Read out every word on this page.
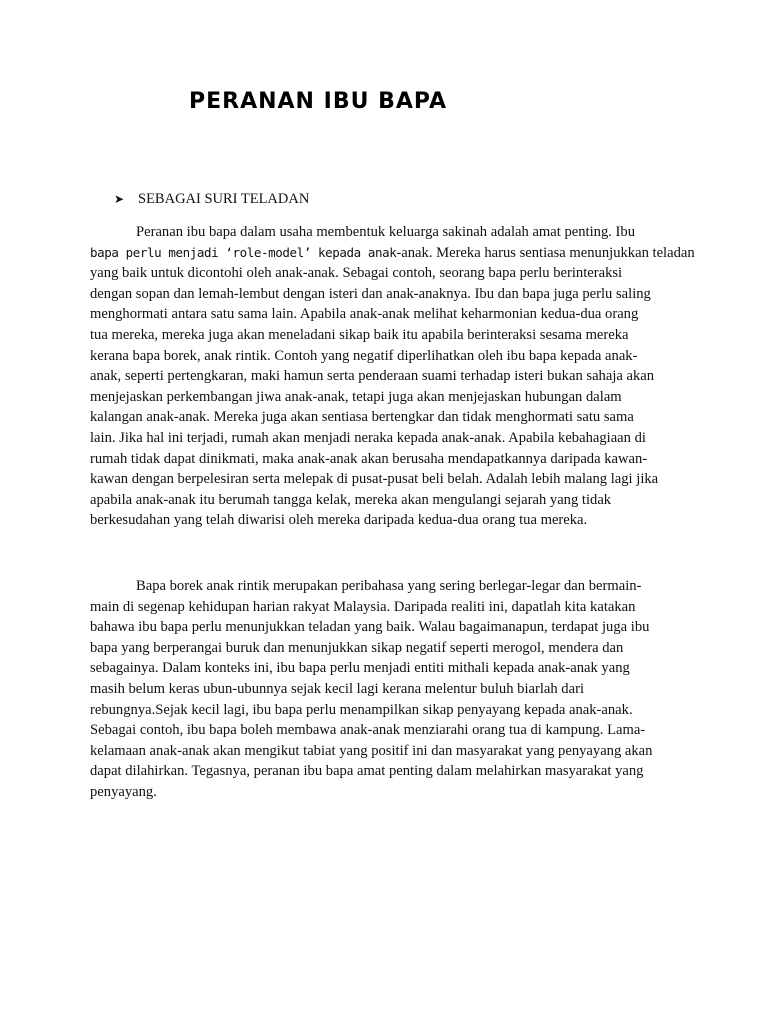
PERANAN IBU BAPA
➤ SEBAGAI SURI TELADAN
Peranan ibu bapa dalam usaha membentuk keluarga sakinah adalah amat penting. Ibu
bapa perlu menjadi ‘role-model’ kepada anak-anak. Mereka harus sentiasa menunjukkan teladan
yang baik untuk dicontohi oleh anak-anak. Sebagai contoh, seorang bapa perlu berinteraksi
dengan sopan dan lemah-lembut dengan isteri dan anak-anaknya. Ibu dan bapa juga perlu saling
menghormati antara satu sama lain. Apabila anak-anak melihat keharmonian kedua-dua orang
tua mereka, mereka juga akan meneladani sikap baik itu apabila berinteraksi sesama mereka
kerana bapa borek, anak rintik. Contoh yang negatif diperlihatkan oleh ibu bapa kepada anak-
anak, seperti pertengkaran, maki hamun serta penderaan suami terhadap isteri bukan sahaja akan
menjejaskan perkembangan jiwa anak-anak, tetapi juga akan menjejaskan hubungan dalam
kalangan anak-anak. Mereka juga akan sentiasa bertengkar dan tidak menghormati satu sama
lain. Jika hal ini terjadi, rumah akan menjadi neraka kepada anak-anak. Apabila kebahagiaan di
rumah tidak dapat dinikmati, maka anak-anak akan berusaha mendapatkannya daripada kawan-
kawan dengan berpelesiran serta melepak di pusat-pusat beli belah. Adalah lebih malang lagi jika
apabila anak-anak itu berumah tangga kelak, mereka akan mengulangi sejarah yang tidak
berkesudahan yang telah diwarisi oleh mereka daripada kedua-dua orang tua mereka.
Bapa borek anak rintik merupakan peribahasa yang sering berlegar-legar dan bermain-
main di segenap kehidupan harian rakyat Malaysia. Daripada realiti ini, dapatlah kita katakan
bahawa ibu bapa perlu menunjukkan teladan yang baik. Walau bagaimanapun, terdapat juga ibu
bapa yang berperangai buruk dan menunjukkan sikap negatif seperti merogol, mendera dan
sebagainya. Dalam konteks ini, ibu bapa perlu menjadi entiti mithali kepada anak-anak yang
masih belum keras ubun-ubunnya sejak kecil lagi kerana melentur buluh biarlah dari
rebungnya.Sejak kecil lagi, ibu bapa perlu menampilkan sikap penyayang kepada anak-anak.
Sebagai contoh, ibu bapa boleh membawa anak-anak menziarahi orang tua di kampung. Lama-
kelamaan anak-anak akan mengikut tabiat yang positif ini dan masyarakat yang penyayang akan
dapat dilahirkan. Tegasnya, peranan ibu bapa amat penting dalam melahirkan masyarakat yang
penyayang.
